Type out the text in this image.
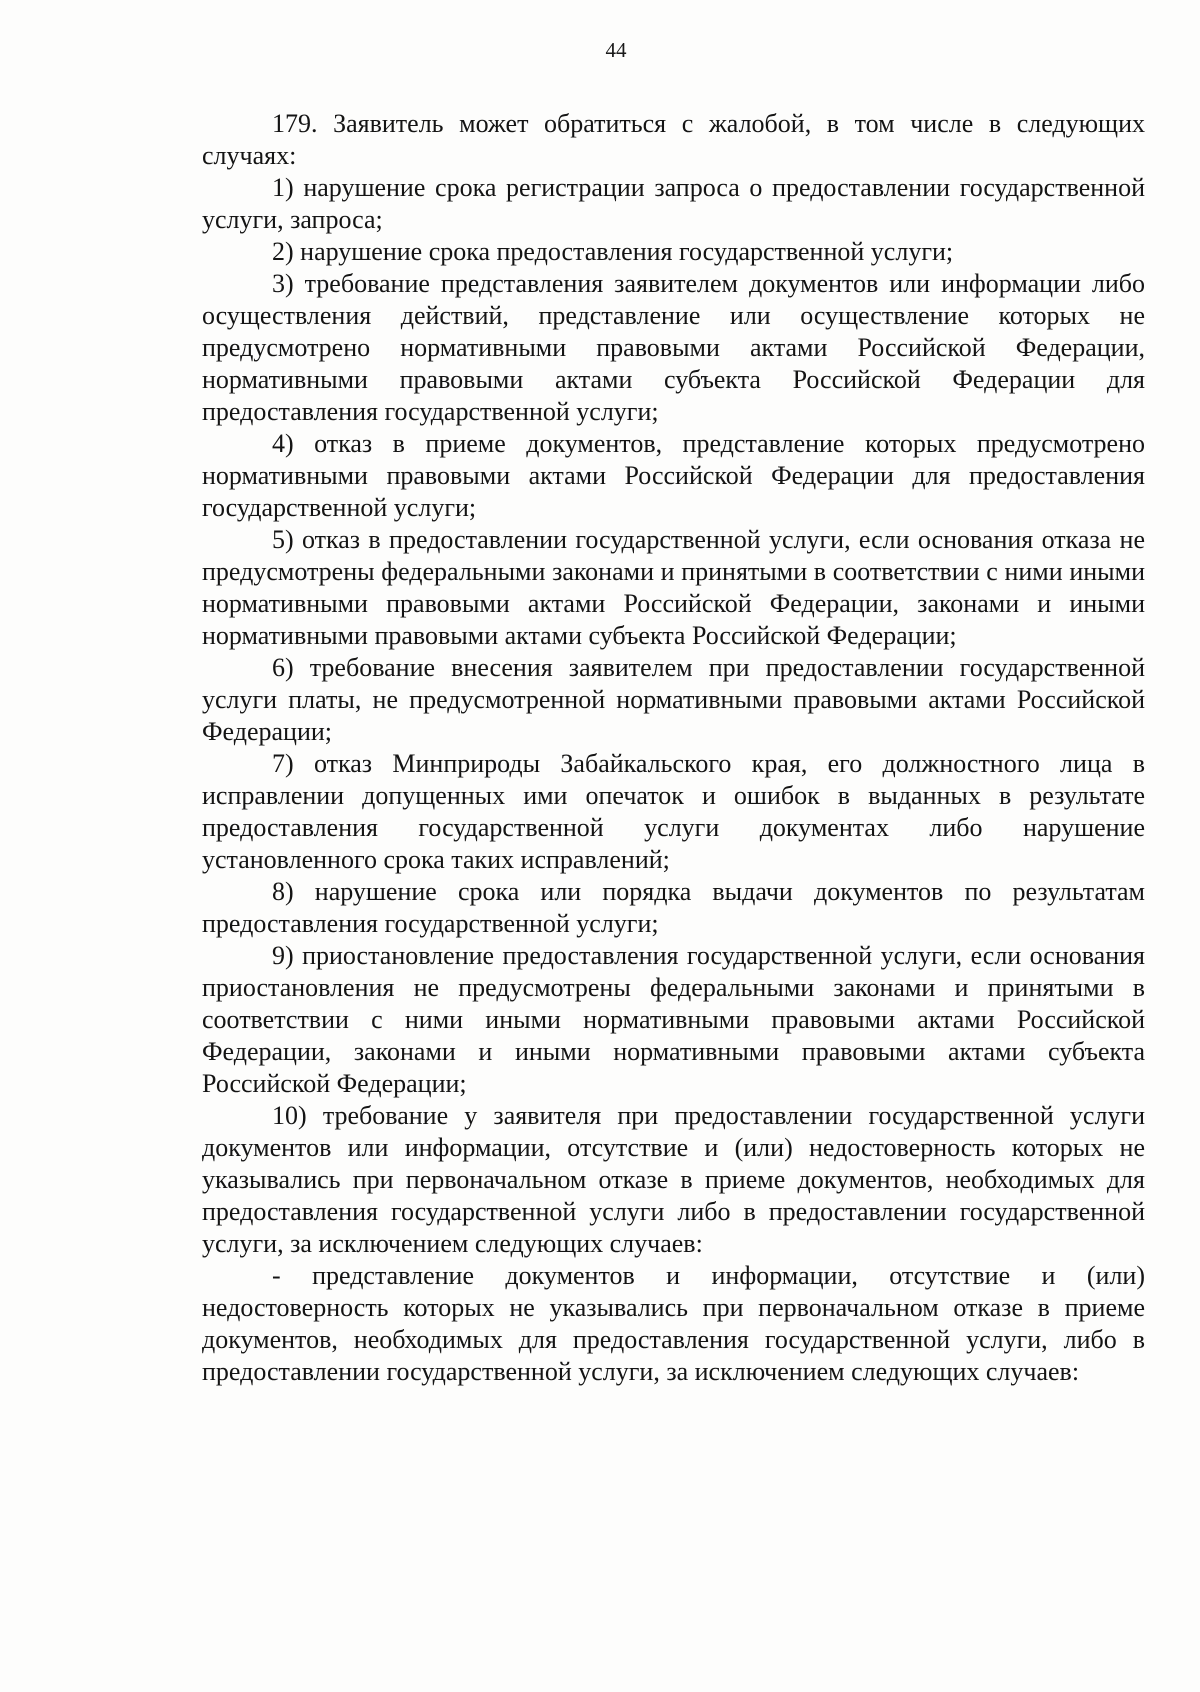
44

179. Заявитель может обратиться с жалобой, в том числе в следующих случаях:

1) нарушение срока регистрации запроса о предоставлении государственной услуги, запроса;

2) нарушение срока предоставления государственной услуги;

3) требование представления заявителем документов или информации либо осуществления действий, представление или осуществление которых не предусмотрено нормативными правовыми актами Российской Федерации, нормативными правовыми актами субъекта Российской Федерации для предоставления государственной услуги;

4) отказ в приеме документов, представление которых предусмотрено нормативными правовыми актами Российской Федерации для предоставления государственной услуги;

5) отказ в предоставлении государственной услуги, если основания отказа не предусмотрены федеральными законами и принятыми в соответствии с ними иными нормативными правовыми актами Российской Федерации, законами и иными нормативными правовыми актами субъекта Российской Федерации;

6) требование внесения заявителем при предоставлении государственной услуги платы, не предусмотренной нормативными правовыми актами Российской Федерации;

7) отказ Минприроды Забайкальского края, его должностного лица в исправлении допущенных ими опечаток и ошибок в выданных в результате предоставления государственной услуги документах либо нарушение установленного срока таких исправлений;

8) нарушение срока или порядка выдачи документов по результатам предоставления государственной услуги;

9) приостановление предоставления государственной услуги, если основания приостановления не предусмотрены федеральными законами и принятыми в соответствии с ними иными нормативными правовыми актами Российской Федерации, законами и иными нормативными правовыми актами субъекта Российской Федерации;

10) требование у заявителя при предоставлении государственной услуги документов или информации, отсутствие и (или) недостоверность которых не указывались при первоначальном отказе в приеме документов, необходимых для предоставления государственной услуги либо в предоставлении государственной услуги, за исключением следующих случаев:

- представление документов и информации, отсутствие и (или) недостоверность которых не указывались при первоначальном отказе в приеме документов, необходимых для предоставления государственной услуги, либо в предоставлении государственной услуги, за исключением следующих случаев:
